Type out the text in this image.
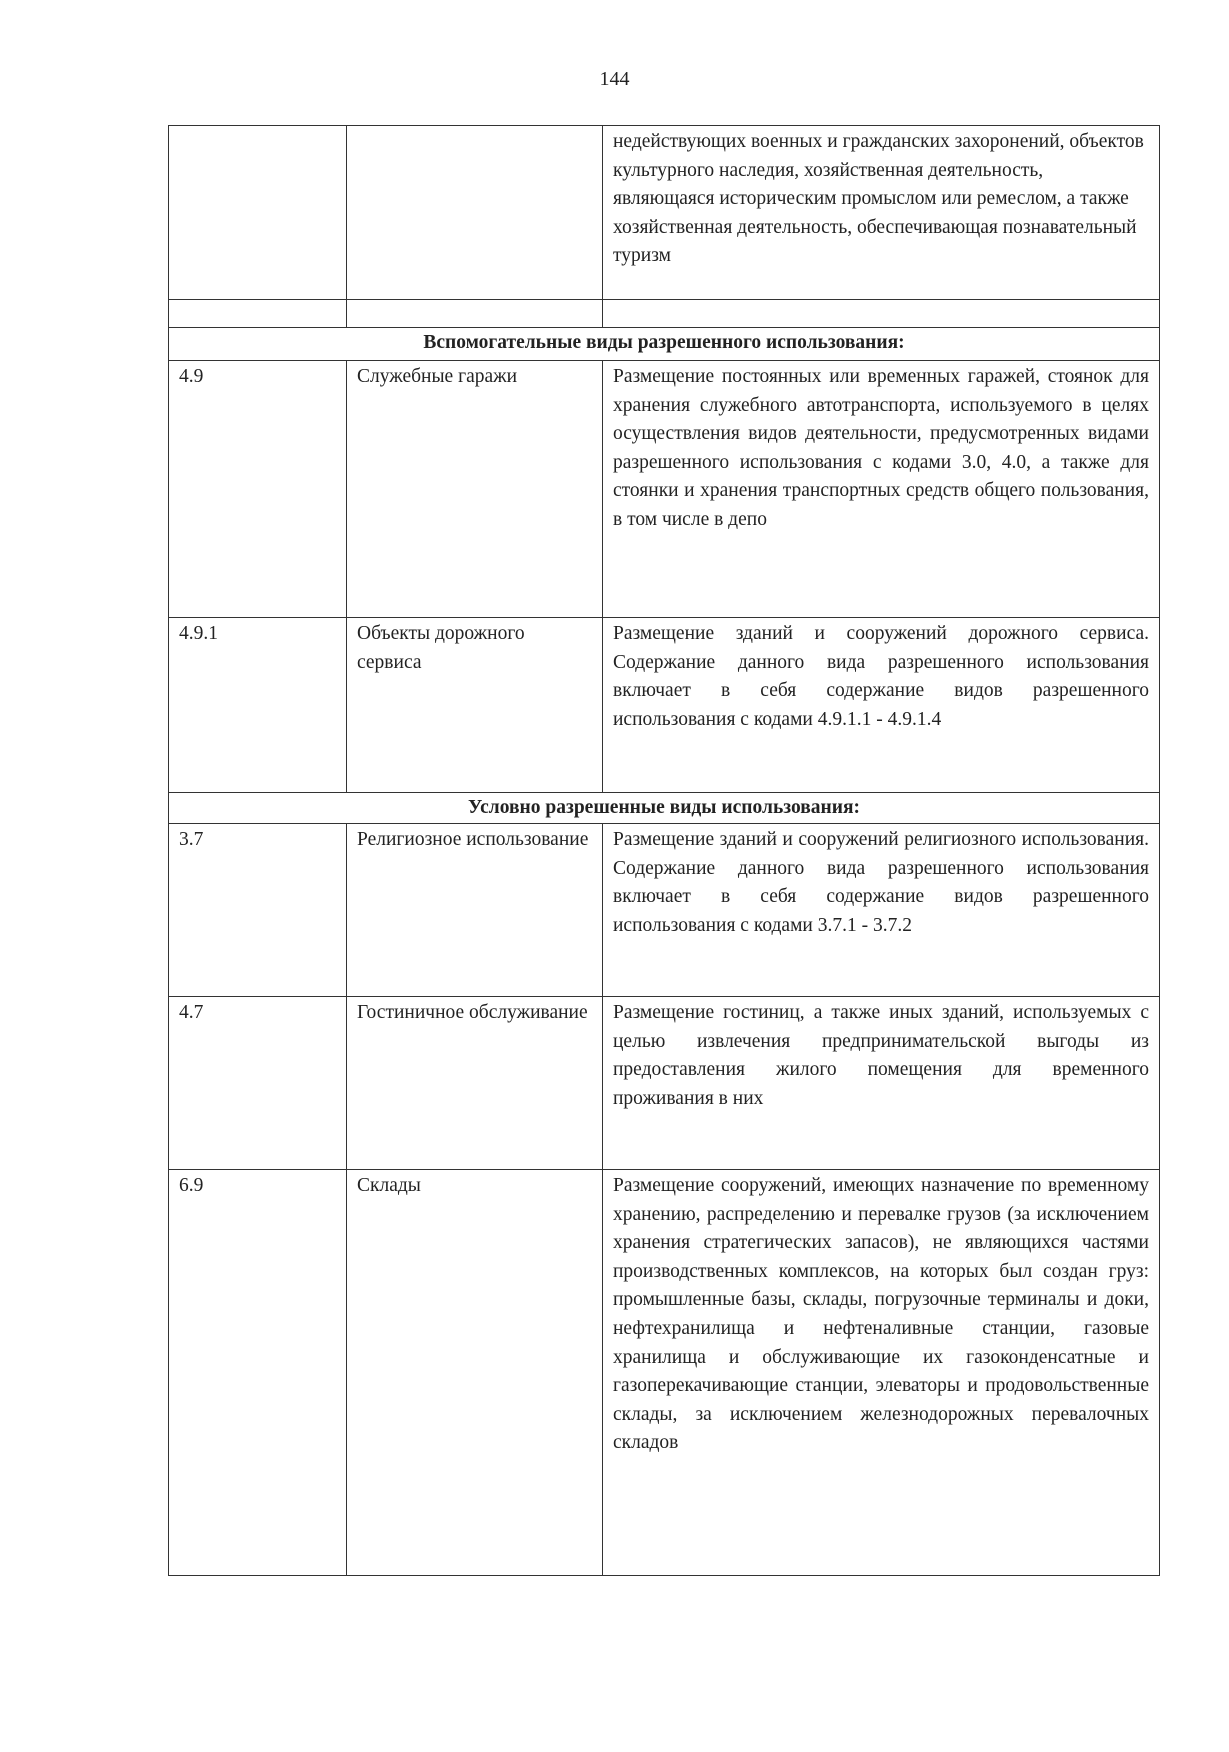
144
		недействующих военных и гражданских захоронений, объектов культурного наследия, хозяйственная деятельность, являющаяся историческим промыслом или ремеслом, а также хозяйственная деятельность, обеспечивающая познавательный туризм

Вспомогательные виды разрешенного использования:		
4.9	Служебные гаражи	Размещение постоянных или временных гаражей, стоянок для хранения служебного автотранспорта, используемого в целях осуществления видов деятельности, предусмотренных видами разрешенного использования с кодами 3.0, 4.0, а также для стоянки и хранения транспортных средств общего пользования, в том числе в депо
4.9.1	Объекты дорожного сервиса	Размещение зданий и сооружений дорожного сервиса. Содержание данного вида разрешенного использования включает в себя содержание видов разрешенного использования с кодами 4.9.1.1 - 4.9.1.4
Условно разрешенные виды использования:		
3.7	Религиозное использование	Размещение зданий и сооружений религиозного использования. Содержание данного вида разрешенного использования включает в себя содержание видов разрешенного использования с кодами 3.7.1 - 3.7.2
4.7	Гостиничное обслуживание	Размещение гостиниц, а также иных зданий, используемых с целью извлечения предпринимательской выгоды из предоставления жилого помещения для временного проживания в них
6.9	Склады	Размещение сооружений, имеющих назначение по временному хранению, распределению и перевалке грузов (за исключением хранения стратегических запасов), не являющихся частями производственных комплексов, на которых был создан груз: промышленные базы, склады, погрузочные терминалы и доки, нефтехранилища и нефтеналивные станции, газовые хранилища и обслуживающие их газоконденсатные и газоперекачивающие станции, элеваторы и продовольственные склады, за исключением железнодорожных перевалочных складов
